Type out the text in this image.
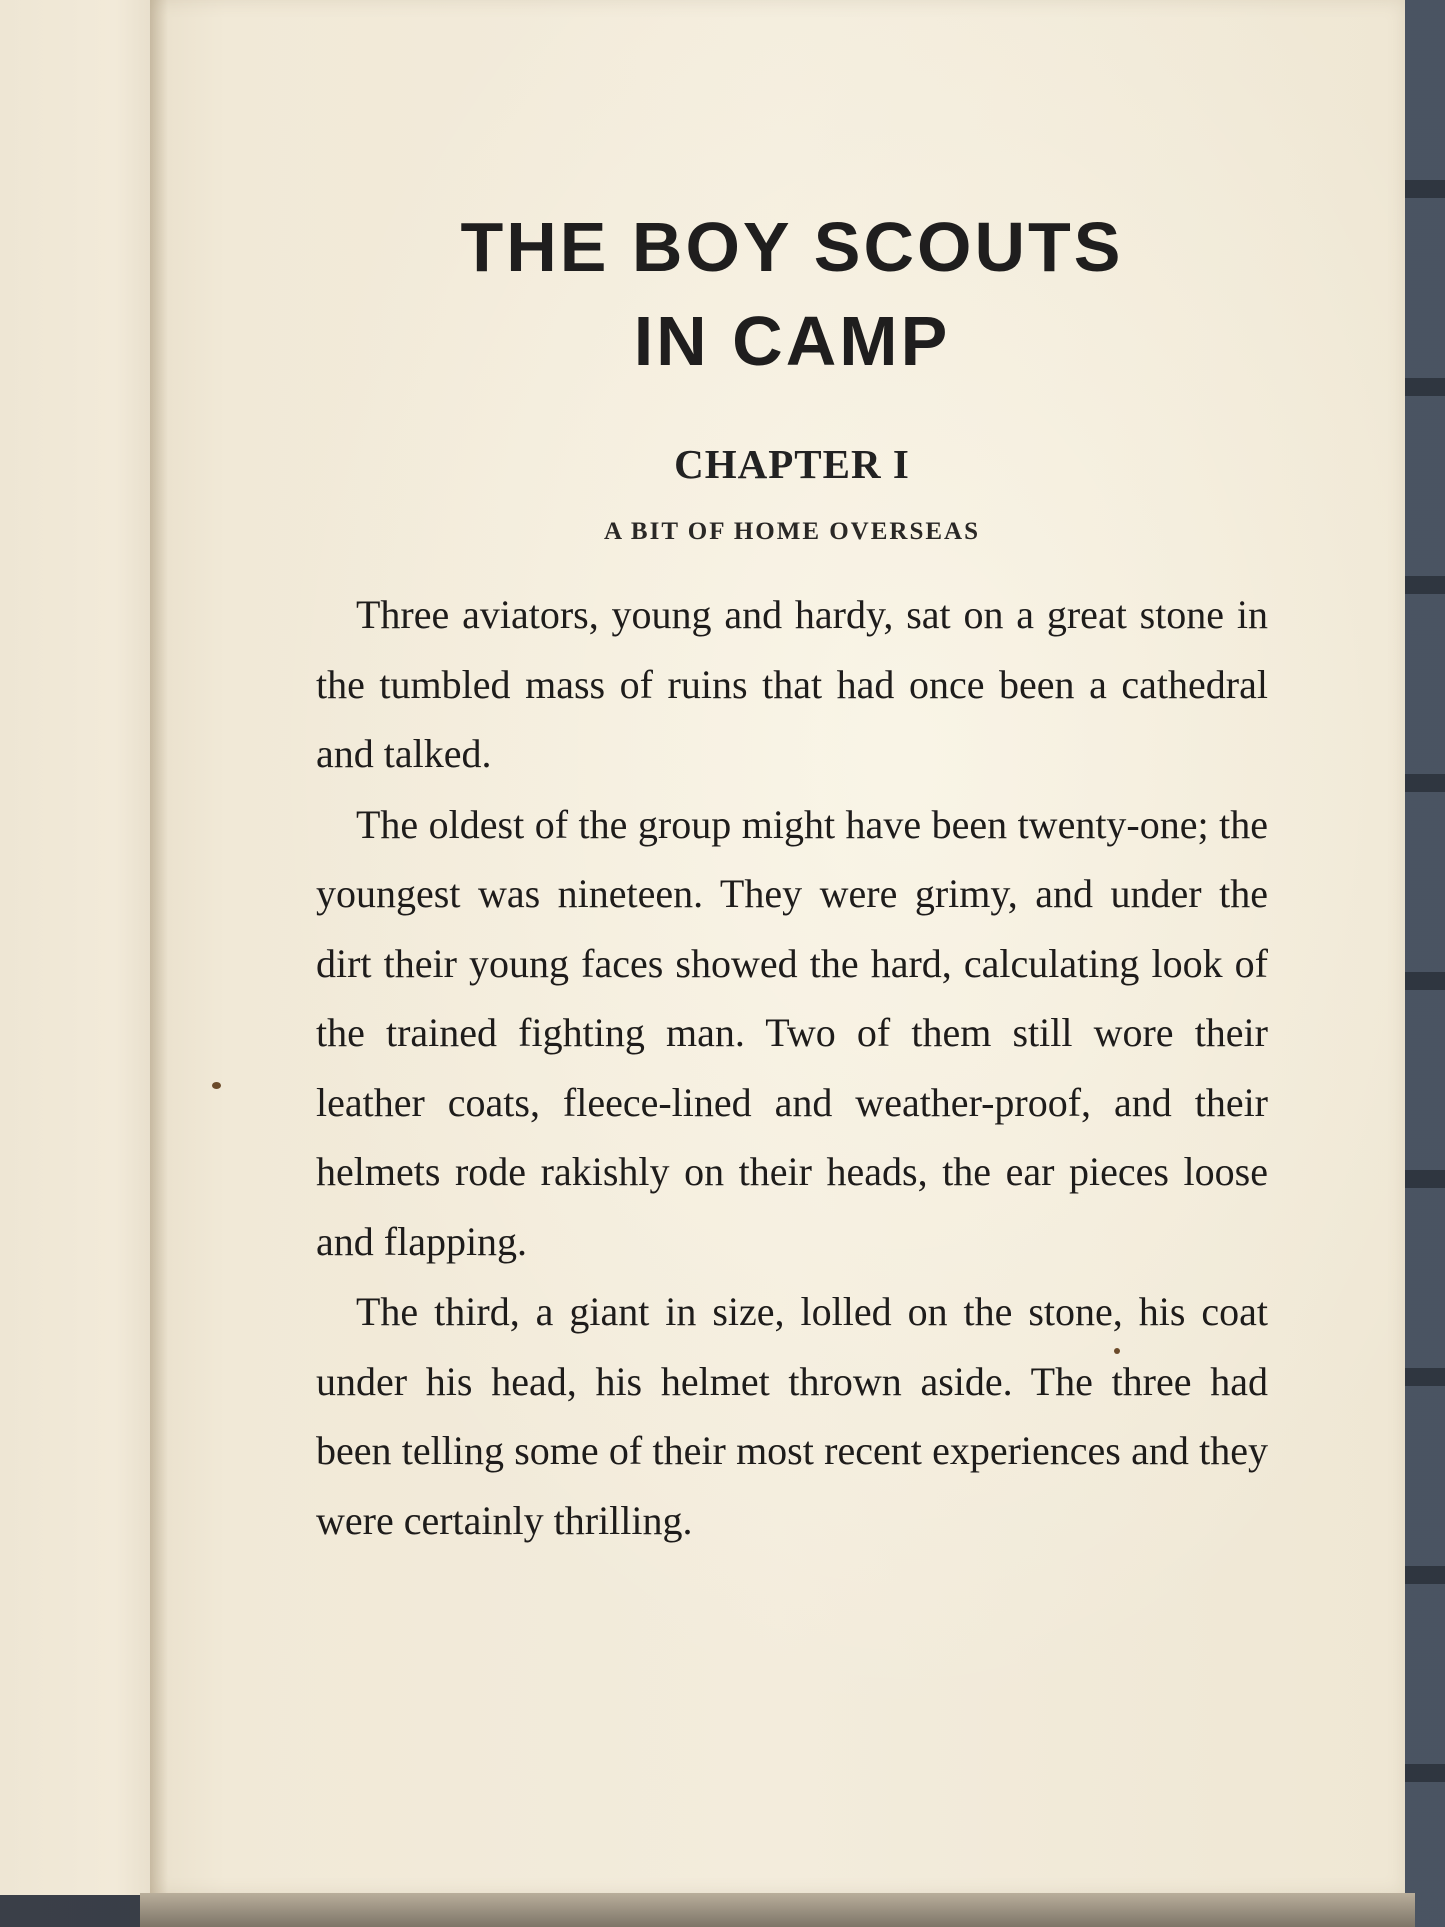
THE BOY SCOUTS
IN CAMP
CHAPTER I
A BIT OF HOME OVERSEAS

Three aviators, young and hardy, sat on a great stone in the tumbled mass of ruins that had once been a cathedral and talked.

The oldest of the group might have been twenty-one; the youngest was nineteen. They were grimy, and under the dirt their young faces showed the hard, calculating look of the trained fighting man. Two of them still wore their leather coats, fleece-lined and weather-proof, and their helmets rode rakishly on their heads, the ear pieces loose and flapping.

The third, a giant in size, lolled on the stone, his coat under his head, his helmet thrown aside. The three had been telling some of their most recent experiences and they were certainly thrilling.
